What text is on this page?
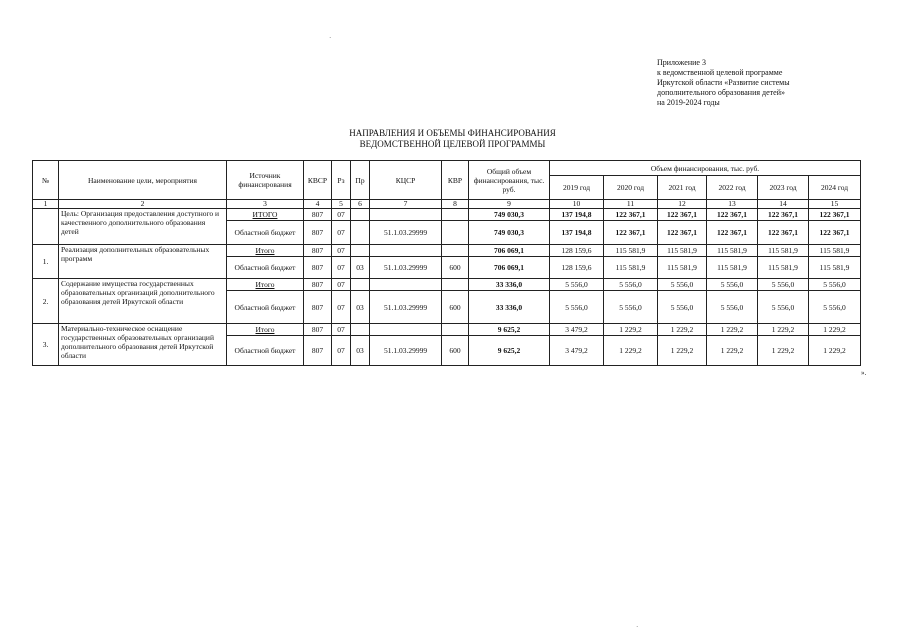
Приложение 3
к ведомственной целевой программе
Иркутской области «Развитие системы
дополнительного образования детей»
на 2019-2024 годы
НАПРАВЛЕНИЯ И ОБЪЕМЫ ФИНАНСИРОВАНИЯ
ВЕДОМСТВЕННОЙ ЦЕЛЕВОЙ ПРОГРАММЫ
·
·
№	Наименование цели, мероприятия	Источник финансирования	КВСР	Рз	Пр	КЦСР	КВР	Общий объем финансирования, тыс. руб.	Объем финансирования, тыс. руб.					
									2019 год	2020 год	2021 год	2022 год	2023 год	2024 год
1	2	3	4	5	6	7	8	9	10	11	12	13	14	15
	Цель: Организация предоставления доступного и качественного дополнительного образования детей	ИТОГО	807	07				749 030,3	137 194,8	122 367,1	122 367,1	122 367,1	122 367,1	122 367,1
		Областной бюджет	807	07		51.1.03.29999		749 030,3	137 194,8	122 367,1	122 367,1	122 367,1	122 367,1	122 367,1
1.	Реализация дополнительных образовательных программ	Итого	807	07				706 069,1	128 159,6	115 581,9	115 581,9	115 581,9	115 581,9	115 581,9
		Областной бюджет	807	07	03	51.1.03.29999	600	706 069,1	128 159,6	115 581,9	115 581,9	115 581,9	115 581,9	115 581,9
2.	Содержание имущества государственных образовательных организаций дополнительного образования детей Иркутской области	Итого	807	07				33 336,0	5 556,0	5 556,0	5 556,0	5 556,0	5 556,0	5 556,0
		Областной бюджет	807	07	03	51.1.03.29999	600	33 336,0	5 556,0	5 556,0	5 556,0	5 556,0	5 556,0	5 556,0
3.	Материально-техническое оснащение государственных образовательных организаций дополнительного образования детей Иркутской области	Итого	807	07				9 625,2	3 479,2	1 229,2	1 229,2	1 229,2	1 229,2	1 229,2
		Областной бюджет	807	07	03	51.1.03.29999	600	9 625,2	3 479,2	1 229,2	1 229,2	1 229,2	1 229,2	1 229,2
».
